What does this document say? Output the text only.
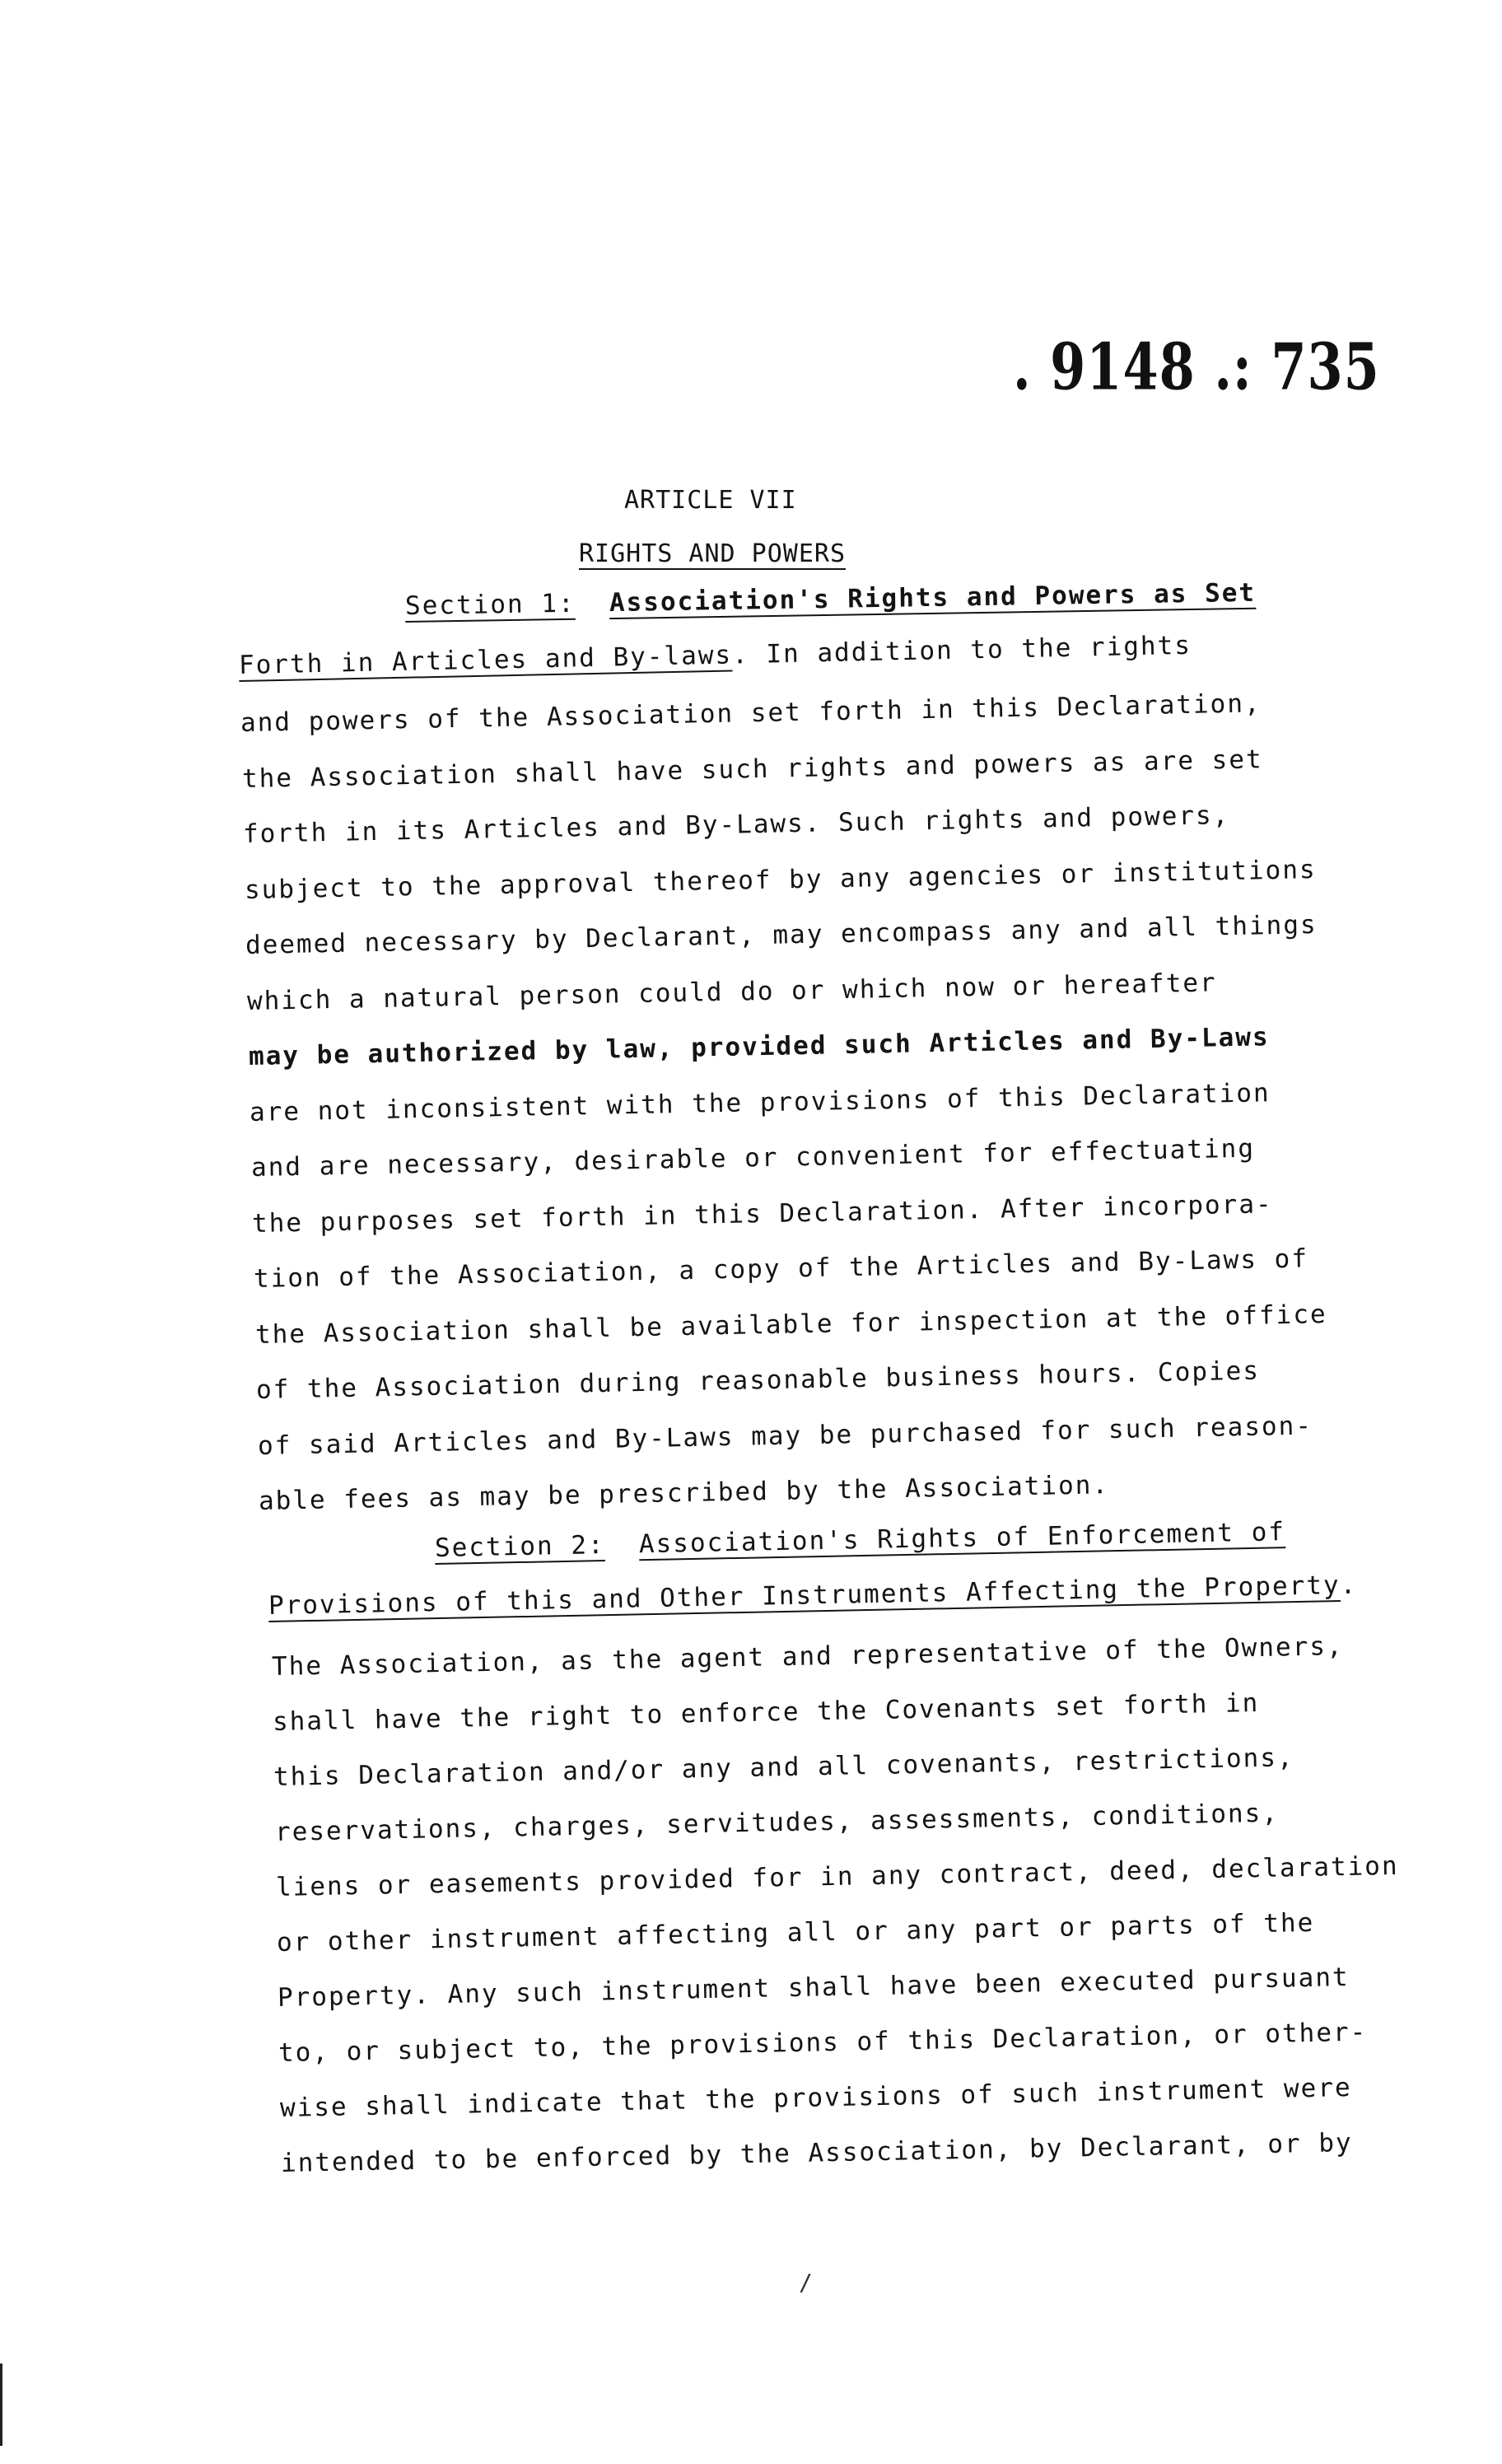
. 9148 .: 735
ARTICLE VII
RIGHTS AND POWERS
Section 1: Association's Rights and Powers as Set
Forth in Articles and By-laws. In addition to the rights
and powers of the Association set forth in this Declaration,
the Association shall have such rights and powers as are set
forth in its Articles and By-Laws. Such rights and powers,
subject to the approval thereof by any agencies or institutions
deemed necessary by Declarant, may encompass any and all things
which a natural person could do or which now or hereafter
may be authorized by law, provided such Articles and By-Laws
are not inconsistent with the provisions of this Declaration
and are necessary, desirable or convenient for effectuating
the purposes set forth in this Declaration. After incorpora-
tion of the Association, a copy of the Articles and By-Laws of
the Association shall be available for inspection at the office
of the Association during reasonable business hours. Copies
of said Articles and By-Laws may be purchased for such reason-
able fees as may be prescribed by the Association.
Section 2: Association's Rights of Enforcement of
Provisions of this and Other Instruments Affecting the Property.
The Association, as the agent and representative of the Owners,
shall have the right to enforce the Covenants set forth in
this Declaration and/or any and all covenants, restrictions,
reservations, charges, servitudes, assessments, conditions,
liens or easements provided for in any contract, deed, declaration
or other instrument affecting all or any part or parts of the
Property. Any such instrument shall have been executed pursuant
to, or subject to, the provisions of this Declaration, or other-
wise shall indicate that the provisions of such instrument were
intended to be enforced by the Association, by Declarant, or by
/
